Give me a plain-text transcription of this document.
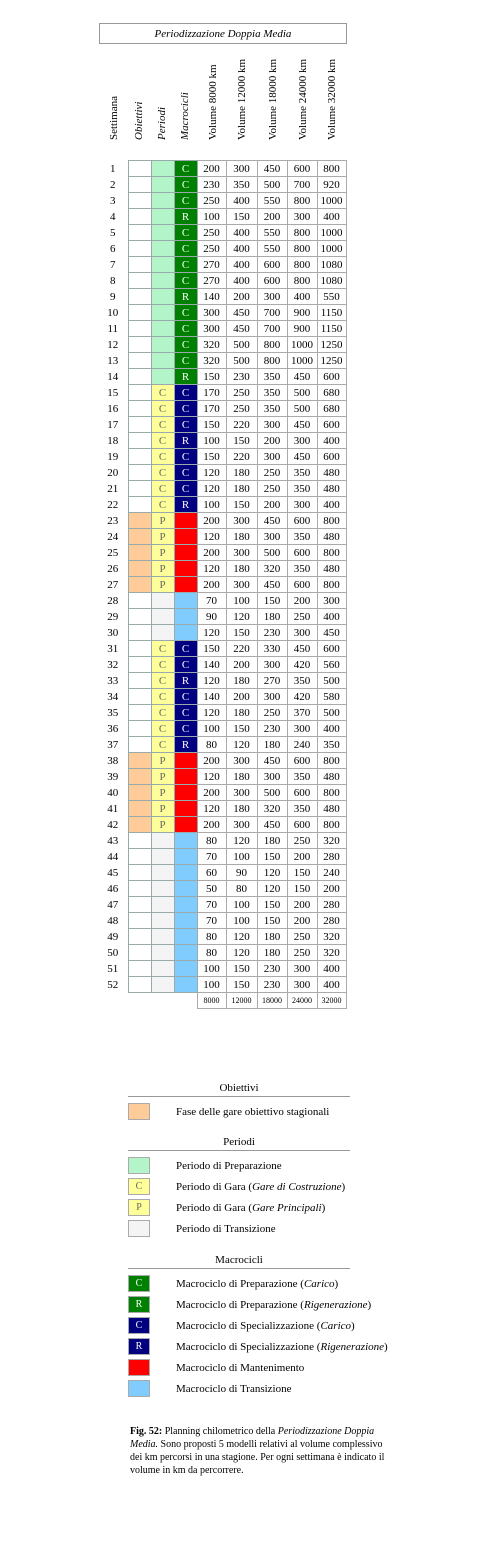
Periodizzazione Doppia Media
Settimana Obiettivi Periodi Macrocicli Volume 8000 km Volume 12000 km Volume 18000 km Volume 24000 km Volume 32000 km
1			C	200	300	450	600	800
2			C	230	350	500	700	920
3			C	250	400	550	800	1000
4			R	100	150	200	300	400
5			C	250	400	550	800	1000
6			C	250	400	550	800	1000
7			C	270	400	600	800	1080
8			C	270	400	600	800	1080
9			R	140	200	300	400	550
10			C	300	450	700	900	1150
11			C	300	450	700	900	1150
12			C	320	500	800	1000	1250
13			C	320	500	800	1000	1250
14			R	150	230	350	450	600
15		C	C	170	250	350	500	680
16		C	C	170	250	350	500	680
17		C	C	150	220	300	450	600
18		C	R	100	150	200	300	400
19		C	C	150	220	300	450	600
20		C	C	120	180	250	350	480
21		C	C	120	180	250	350	480
22		C	R	100	150	200	300	400
23		P		200	300	450	600	800
24		P		120	180	300	350	480
25		P		200	300	500	600	800
26		P		120	180	320	350	480
27		P		200	300	450	600	800
28				70	100	150	200	300
29				90	120	180	250	400
30				120	150	230	300	450
31		C	C	150	220	330	450	600
32		C	C	140	200	300	420	560
33		C	R	120	180	270	350	500
34		C	C	140	200	300	420	580
35		C	C	120	180	250	370	500
36		C	C	100	150	230	300	400
37		C	R	80	120	180	240	350
38		P		200	300	450	600	800
39		P		120	180	300	350	480
40		P		200	300	500	600	800
41		P		120	180	320	350	480
42		P		200	300	450	600	800
43				80	120	180	250	320
44				70	100	150	200	280
45				60	90	120	150	240
46				50	80	120	150	200
47				70	100	150	200	280
48				70	100	150	200	280
49				80	120	180	250	320
50				80	120	180	250	320
51				100	150	230	300	400
52				100	150	230	300	400
				8000	12000	18000	24000	32000
Obiettivi
Fase delle gare obiettivo stagionali
Periodi
Periodo di Preparazione
C	Periodo di Gara (Gare di Costruzione)
P	Periodo di Gara (Gare Principali)
Periodo di Transizione
Macrocicli
C	Macrociclo di Preparazione (Carico)
R	Macrociclo di Preparazione (Rigenerazione)
C	Macrociclo di Specializzazione (Carico)
R	Macrociclo di Specializzazione (Rigenerazione)
Macrociclo di Mantenimento
Macrociclo di Transizione
Fig. 52: Planning chilometrico della Periodizzazione Doppia Media. Sono proposti 5 modelli relativi al volume complessivo dei km percorsi in una stagione. Per ogni settimana è indicato il volume in km da percorrere.
